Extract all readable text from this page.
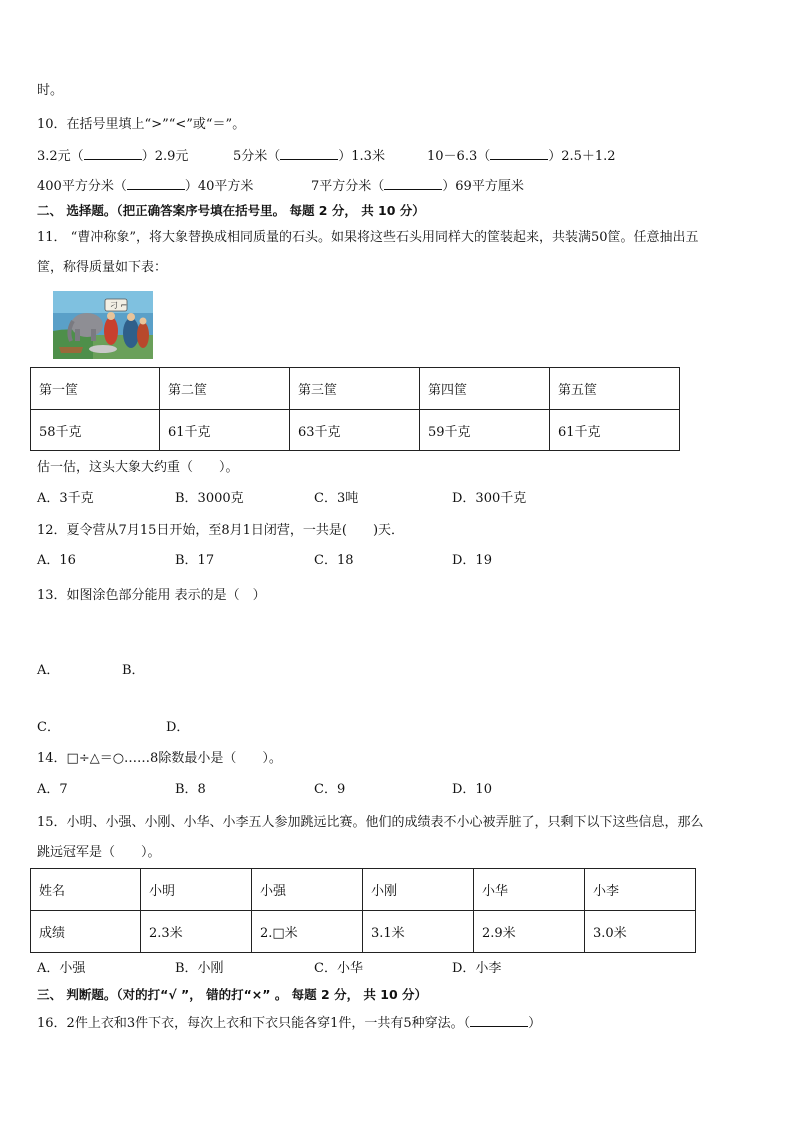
时。
10．在括号里填上“>”“<”或“＝”。
3.2元（	）2.9元	5分米（	）1.3米	10－6.3（	）2.5＋1.2
400平方分米（	）40平方米	7平方分米（	）69平方厘米
二、 选择题。（把正确答案序号填在括号里。 每题 2 分， 共 10 分）
11． “曹冲称象”，将大象替换成相同质量的石头。如果将这些石头用同样大的筐装起来，共装满50筐。任意抽出五
筐，称得质量如下表：
刁 ⌐
第一筐	第二筐	第三筐	第四筐	第五筐
58千克	61千克	63千克	59千克	61千克
估一估，这头大象大约重（　　）。
A．3千克	B．3000克	C．3吨	D．300千克
12．夏令营从7月15日开始，至8月1日闭营，一共是(　　)天．
A．16	B．17	C．18	D．19
13．如图涂色部分能用 表示的是（　）
A．	B．
C．	D．
14．□÷△＝○……8除数最小是（　　）。
A．7	B．8	C．9	D．10
15．小明、小强、小刚、小华、小李五人参加跳远比赛。他们的成绩表不小心被弄脏了，只剩下以下这些信息，那么
跳远冠军是（　　）。
姓名	小明	小强	小刚	小华	小李
成绩	2.3米	2.□米	3.1米	2.9米	3.0米
A．小强	B．小刚	C．小华	D．小李
三、 判断题。（对的打“√ ”， 错的打“×” 。 每题 2 分， 共 10 分）
16．2件上衣和3件下衣，每次上衣和下衣只能各穿1件，一共有5种穿法。（	）
